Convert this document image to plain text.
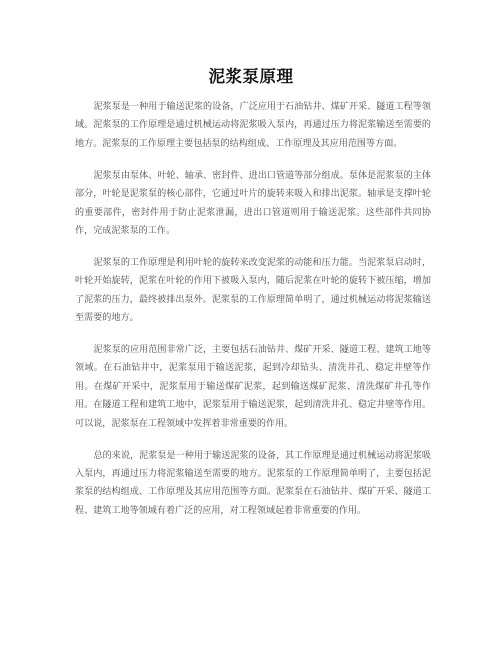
泥浆泵原理

泥浆泵是一种用于输送泥浆的设备，广泛应用于石油钻井、煤矿开采、隧道工程等领域。泥浆泵的工作原理是通过机械运动将泥浆吸入泵内，再通过压力将泥浆输送至需要的地方。泥浆泵的工作原理主要包括泵的结构组成、工作原理及其应用范围等方面。

泥浆泵由泵体、叶轮、轴承、密封件、进出口管道等部分组成。泵体是泥浆泵的主体部分，叶轮是泥浆泵的核心部件，它通过叶片的旋转来吸入和排出泥浆。轴承是支撑叶轮的重要部件，密封件用于防止泥浆泄漏，进出口管道则用于输送泥浆。这些部件共同协作，完成泥浆泵的工作。

泥浆泵的工作原理是利用叶轮的旋转来改变泥浆的动能和压力能。当泥浆泵启动时，叶轮开始旋转，泥浆在叶轮的作用下被吸入泵内，随后泥浆在叶轮的旋转下被压缩，增加了泥浆的压力，最终被排出泵外。泥浆泵的工作原理简单明了，通过机械运动将泥浆输送至需要的地方。

泥浆泵的应用范围非常广泛，主要包括石油钻井、煤矿开采、隧道工程、建筑工地等领域。在石油钻井中，泥浆泵用于输送泥浆，起到冷却钻头、清洗井孔、稳定井壁等作用。在煤矿开采中，泥浆泵用于输送煤矿泥浆，起到输送煤矿泥浆、清洗煤矿井孔等作用。在隧道工程和建筑工地中，泥浆泵用于输送泥浆，起到清洗井孔、稳定井壁等作用。可以说，泥浆泵在工程领域中发挥着非常重要的作用。

总的来说，泥浆泵是一种用于输送泥浆的设备，其工作原理是通过机械运动将泥浆吸入泵内，再通过压力将泥浆输送至需要的地方。泥浆泵的工作原理简单明了，主要包括泥浆泵的结构组成、工作原理及其应用范围等方面。泥浆泵在石油钻井、煤矿开采、隧道工程、建筑工地等领域有着广泛的应用，对工程领域起着非常重要的作用。
